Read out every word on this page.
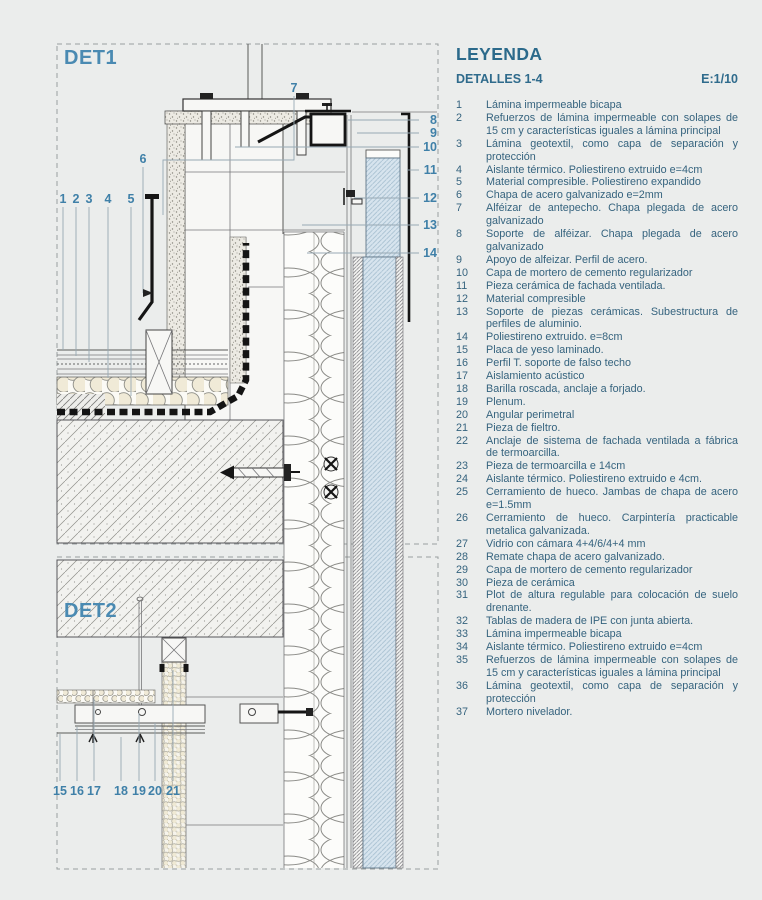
DET1
DET2
1 2 3 4 5
6
7
8
9
10
11
12
13
14
15 16 17 18 19 20 21
LEYENDA
DETALLES 1-4	E:1/10
1	Lámina impermeable bicapa
2	Refuerzos de lámina impermeable con solapes de 15 cm y características iguales a lámina principal
3	Lámina geotextil, como capa de separación y protección
4	Aislante térmico. Poliestireno extruido e=4cm
5	Material compresible. Poliestireno expandido
6	Chapa de acero galvanizado e=2mm
7	Alféizar de antepecho. Chapa plegada de acero galvanizado
8	Soporte de alféizar. Chapa plegada de acero galvanizado
9	Apoyo de alfeizar. Perfil de acero.
10	Capa de mortero de cemento regularizador
11	Pieza cerámica de fachada ventilada.
12	Material compresible
13	Soporte de piezas cerámicas. Subestructura de perfiles de aluminio.
14	Poliestireno extruido. e=8cm
15	Placa de yeso laminado.
16	Perfil T. soporte de falso techo
17	Aislamiento acústico
18	Barilla roscada, anclaje a forjado.
19	Plenum.
20	Angular perimetral
21	Pieza de fieltro.
22	Anclaje de sistema de fachada ventilada a fábrica de termoarcilla.
23	Pieza de termoarcilla e 14cm
24	Aislante térmico. Poliestireno extruido e 4cm.
25	Cerramiento de hueco. Jambas de chapa de acero e=1.5mm
26	Cerramiento de hueco. Carpintería practicable metalica galvanizada.
27	Vidrio con cámara 4+4/6/4+4 mm
28	Remate chapa de acero galvanizado.
29	Capa de mortero de cemento regularizador
30	Pieza de cerámica
31	Plot de altura regulable para colocación de suelo drenante.
32	Tablas de madera de IPE con junta abierta.
33	Lámina impermeable bicapa
34	Aislante térmico. Poliestireno extruido e=4cm
35	Refuerzos de lámina impermeable con solapes de 15 cm y características iguales a lámina principal
36	Lámina geotextil, como capa de separación y protección
37	Mortero nivelador.
